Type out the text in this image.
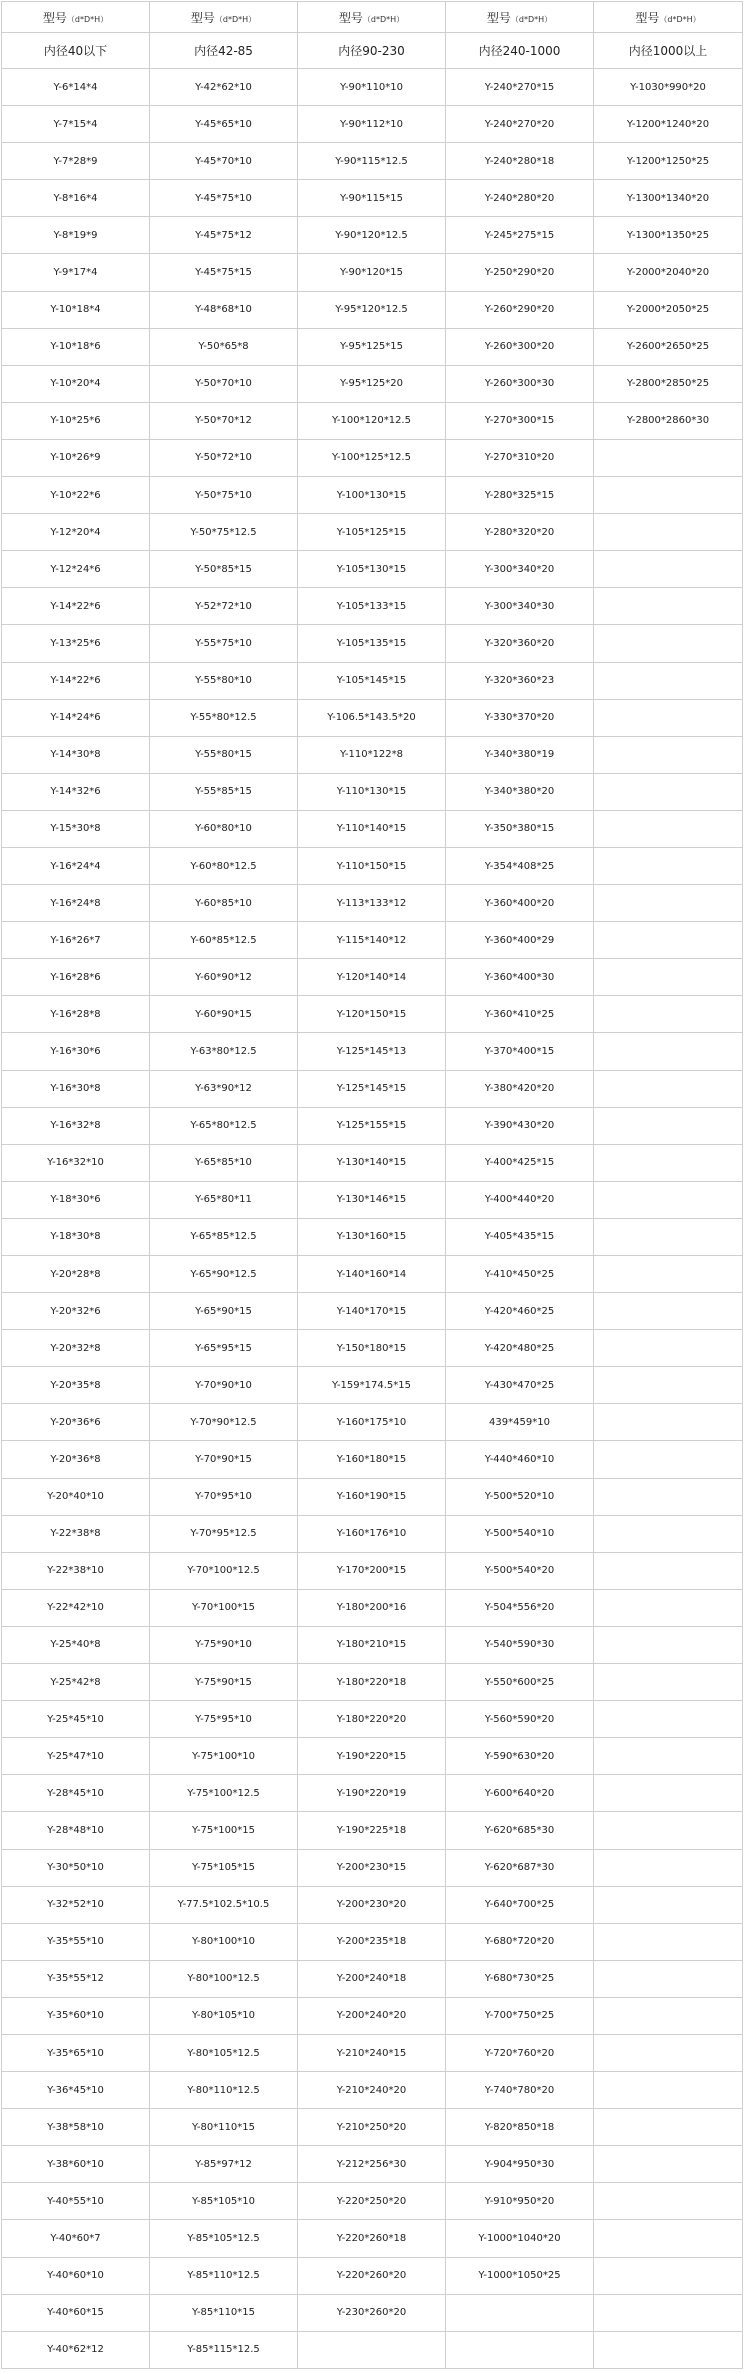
型号（d*D*H）	型号（d*D*H）	型号（d*D*H）	型号（d*D*H）	型号（d*D*H）
内径40以下	内径42-85	内径90-230	内径240-1000	内径1000以上
Y-6*14*4	Y-42*62*10	Y-90*110*10	Y-240*270*15	Y-1030*990*20
Y-7*15*4	Y-45*65*10	Y-90*112*10	Y-240*270*20	Y-1200*1240*20
Y-7*28*9	Y-45*70*10	Y-90*115*12.5	Y-240*280*18	Y-1200*1250*25
Y-8*16*4	Y-45*75*10	Y-90*115*15	Y-240*280*20	Y-1300*1340*20
Y-8*19*9	Y-45*75*12	Y-90*120*12.5	Y-245*275*15	Y-1300*1350*25
Y-9*17*4	Y-45*75*15	Y-90*120*15	Y-250*290*20	Y-2000*2040*20
Y-10*18*4	Y-48*68*10	Y-95*120*12.5	Y-260*290*20	Y-2000*2050*25
Y-10*18*6	Y-50*65*8	Y-95*125*15	Y-260*300*20	Y-2600*2650*25
Y-10*20*4	Y-50*70*10	Y-95*125*20	Y-260*300*30	Y-2800*2850*25
Y-10*25*6	Y-50*70*12	Y-100*120*12.5	Y-270*300*15	Y-2800*2860*30
Y-10*26*9	Y-50*72*10	Y-100*125*12.5	Y-270*310*20	
Y-10*22*6	Y-50*75*10	Y-100*130*15	Y-280*325*15	
Y-12*20*4	Y-50*75*12.5	Y-105*125*15	Y-280*320*20	
Y-12*24*6	Y-50*85*15	Y-105*130*15	Y-300*340*20	
Y-14*22*6	Y-52*72*10	Y-105*133*15	Y-300*340*30	
Y-13*25*6	Y-55*75*10	Y-105*135*15	Y-320*360*20	
Y-14*22*6	Y-55*80*10	Y-105*145*15	Y-320*360*23	
Y-14*24*6	Y-55*80*12.5	Y-106.5*143.5*20	Y-330*370*20	
Y-14*30*8	Y-55*80*15	Y-110*122*8	Y-340*380*19	
Y-14*32*6	Y-55*85*15	Y-110*130*15	Y-340*380*20	
Y-15*30*8	Y-60*80*10	Y-110*140*15	Y-350*380*15	
Y-16*24*4	Y-60*80*12.5	Y-110*150*15	Y-354*408*25	
Y-16*24*8	Y-60*85*10	Y-113*133*12	Y-360*400*20	
Y-16*26*7	Y-60*85*12.5	Y-115*140*12	Y-360*400*29	
Y-16*28*6	Y-60*90*12	Y-120*140*14	Y-360*400*30	
Y-16*28*8	Y-60*90*15	Y-120*150*15	Y-360*410*25	
Y-16*30*6	Y-63*80*12.5	Y-125*145*13	Y-370*400*15	
Y-16*30*8	Y-63*90*12	Y-125*145*15	Y-380*420*20	
Y-16*32*8	Y-65*80*12.5	Y-125*155*15	Y-390*430*20	
Y-16*32*10	Y-65*85*10	Y-130*140*15	Y-400*425*15	
Y-18*30*6	Y-65*80*11	Y-130*146*15	Y-400*440*20	
Y-18*30*8	Y-65*85*12.5	Y-130*160*15	Y-405*435*15	
Y-20*28*8	Y-65*90*12.5	Y-140*160*14	Y-410*450*25	
Y-20*32*6	Y-65*90*15	Y-140*170*15	Y-420*460*25	
Y-20*32*8	Y-65*95*15	Y-150*180*15	Y-420*480*25	
Y-20*35*8	Y-70*90*10	Y-159*174.5*15	Y-430*470*25	
Y-20*36*6	Y-70*90*12.5	Y-160*175*10	439*459*10	
Y-20*36*8	Y-70*90*15	Y-160*180*15	Y-440*460*10	
Y-20*40*10	Y-70*95*10	Y-160*190*15	Y-500*520*10	
Y-22*38*8	Y-70*95*12.5	Y-160*176*10	Y-500*540*10	
Y-22*38*10	Y-70*100*12.5	Y-170*200*15	Y-500*540*20	
Y-22*42*10	Y-70*100*15	Y-180*200*16	Y-504*556*20	
Y-25*40*8	Y-75*90*10	Y-180*210*15	Y-540*590*30	
Y-25*42*8	Y-75*90*15	Y-180*220*18	Y-550*600*25	
Y-25*45*10	Y-75*95*10	Y-180*220*20	Y-560*590*20	
Y-25*47*10	Y-75*100*10	Y-190*220*15	Y-590*630*20	
Y-28*45*10	Y-75*100*12.5	Y-190*220*19	Y-600*640*20	
Y-28*48*10	Y-75*100*15	Y-190*225*18	Y-620*685*30	
Y-30*50*10	Y-75*105*15	Y-200*230*15	Y-620*687*30	
Y-32*52*10	Y-77.5*102.5*10.5	Y-200*230*20	Y-640*700*25	
Y-35*55*10	Y-80*100*10	Y-200*235*18	Y-680*720*20	
Y-35*55*12	Y-80*100*12.5	Y-200*240*18	Y-680*730*25	
Y-35*60*10	Y-80*105*10	Y-200*240*20	Y-700*750*25	
Y-35*65*10	Y-80*105*12.5	Y-210*240*15	Y-720*760*20	
Y-36*45*10	Y-80*110*12.5	Y-210*240*20	Y-740*780*20	
Y-38*58*10	Y-80*110*15	Y-210*250*20	Y-820*850*18	
Y-38*60*10	Y-85*97*12	Y-212*256*30	Y-904*950*30	
Y-40*55*10	Y-85*105*10	Y-220*250*20	Y-910*950*20	
Y-40*60*7	Y-85*105*12.5	Y-220*260*18	Y-1000*1040*20	
Y-40*60*10	Y-85*110*12.5	Y-220*260*20	Y-1000*1050*25	
Y-40*60*15	Y-85*110*15	Y-230*260*20		
Y-40*62*12	Y-85*115*12.5			
